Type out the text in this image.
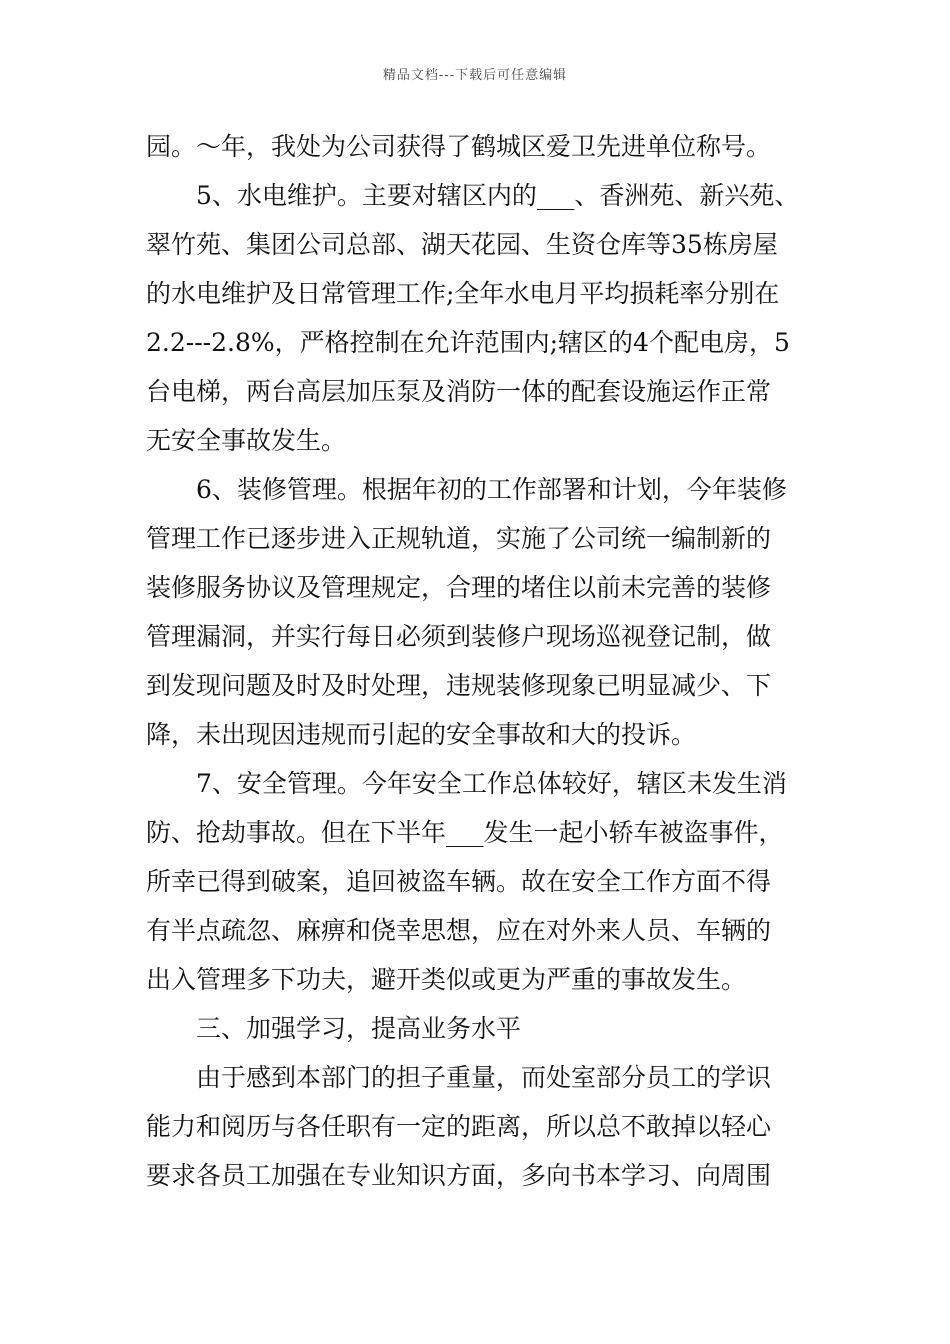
精品文档---下载后可任意编辑
园。～年，我处为公司获得了鹤城区爱卫先进单位称号。
5、水电维护。主要对辖区内的___、香洲苑、新兴苑、
翠竹苑、集团公司总部、湖天花园、生资仓库等35栋房屋
的水电维护及日常管理工作;全年水电月平均损耗率分别在
2.2---2.8%，严格控制在允许范围内;辖区的4个配电房，5
台电梯，两台高层加压泵及消防一体的配套设施运作正常
无安全事故发生。
6、装修管理。根据年初的工作部署和计划，今年装修
管理工作已逐步进入正规轨道，实施了公司统一编制新的
装修服务协议及管理规定，合理的堵住以前未完善的装修
管理漏洞，并实行每日必须到装修户现场巡视登记制，做
到发现问题及时及时处理，违规装修现象已明显减少、下
降，未出现因违规而引起的安全事故和大的投诉。
7、安全管理。今年安全工作总体较好，辖区未发生消
防、抢劫事故。但在下半年___发生一起小轿车被盗事件，
所幸已得到破案，追回被盗车辆。故在安全工作方面不得
有半点疏忽、麻痹和侥幸思想，应在对外来人员、车辆的
出入管理多下功夫，避开类似或更为严重的事故发生。
三、加强学习，提高业务水平
由于感到本部门的担子重量，而处室部分员工的学识
能力和阅历与各任职有一定的距离，所以总不敢掉以轻心
要求各员工加强在专业知识方面，多向书本学习、向周围
